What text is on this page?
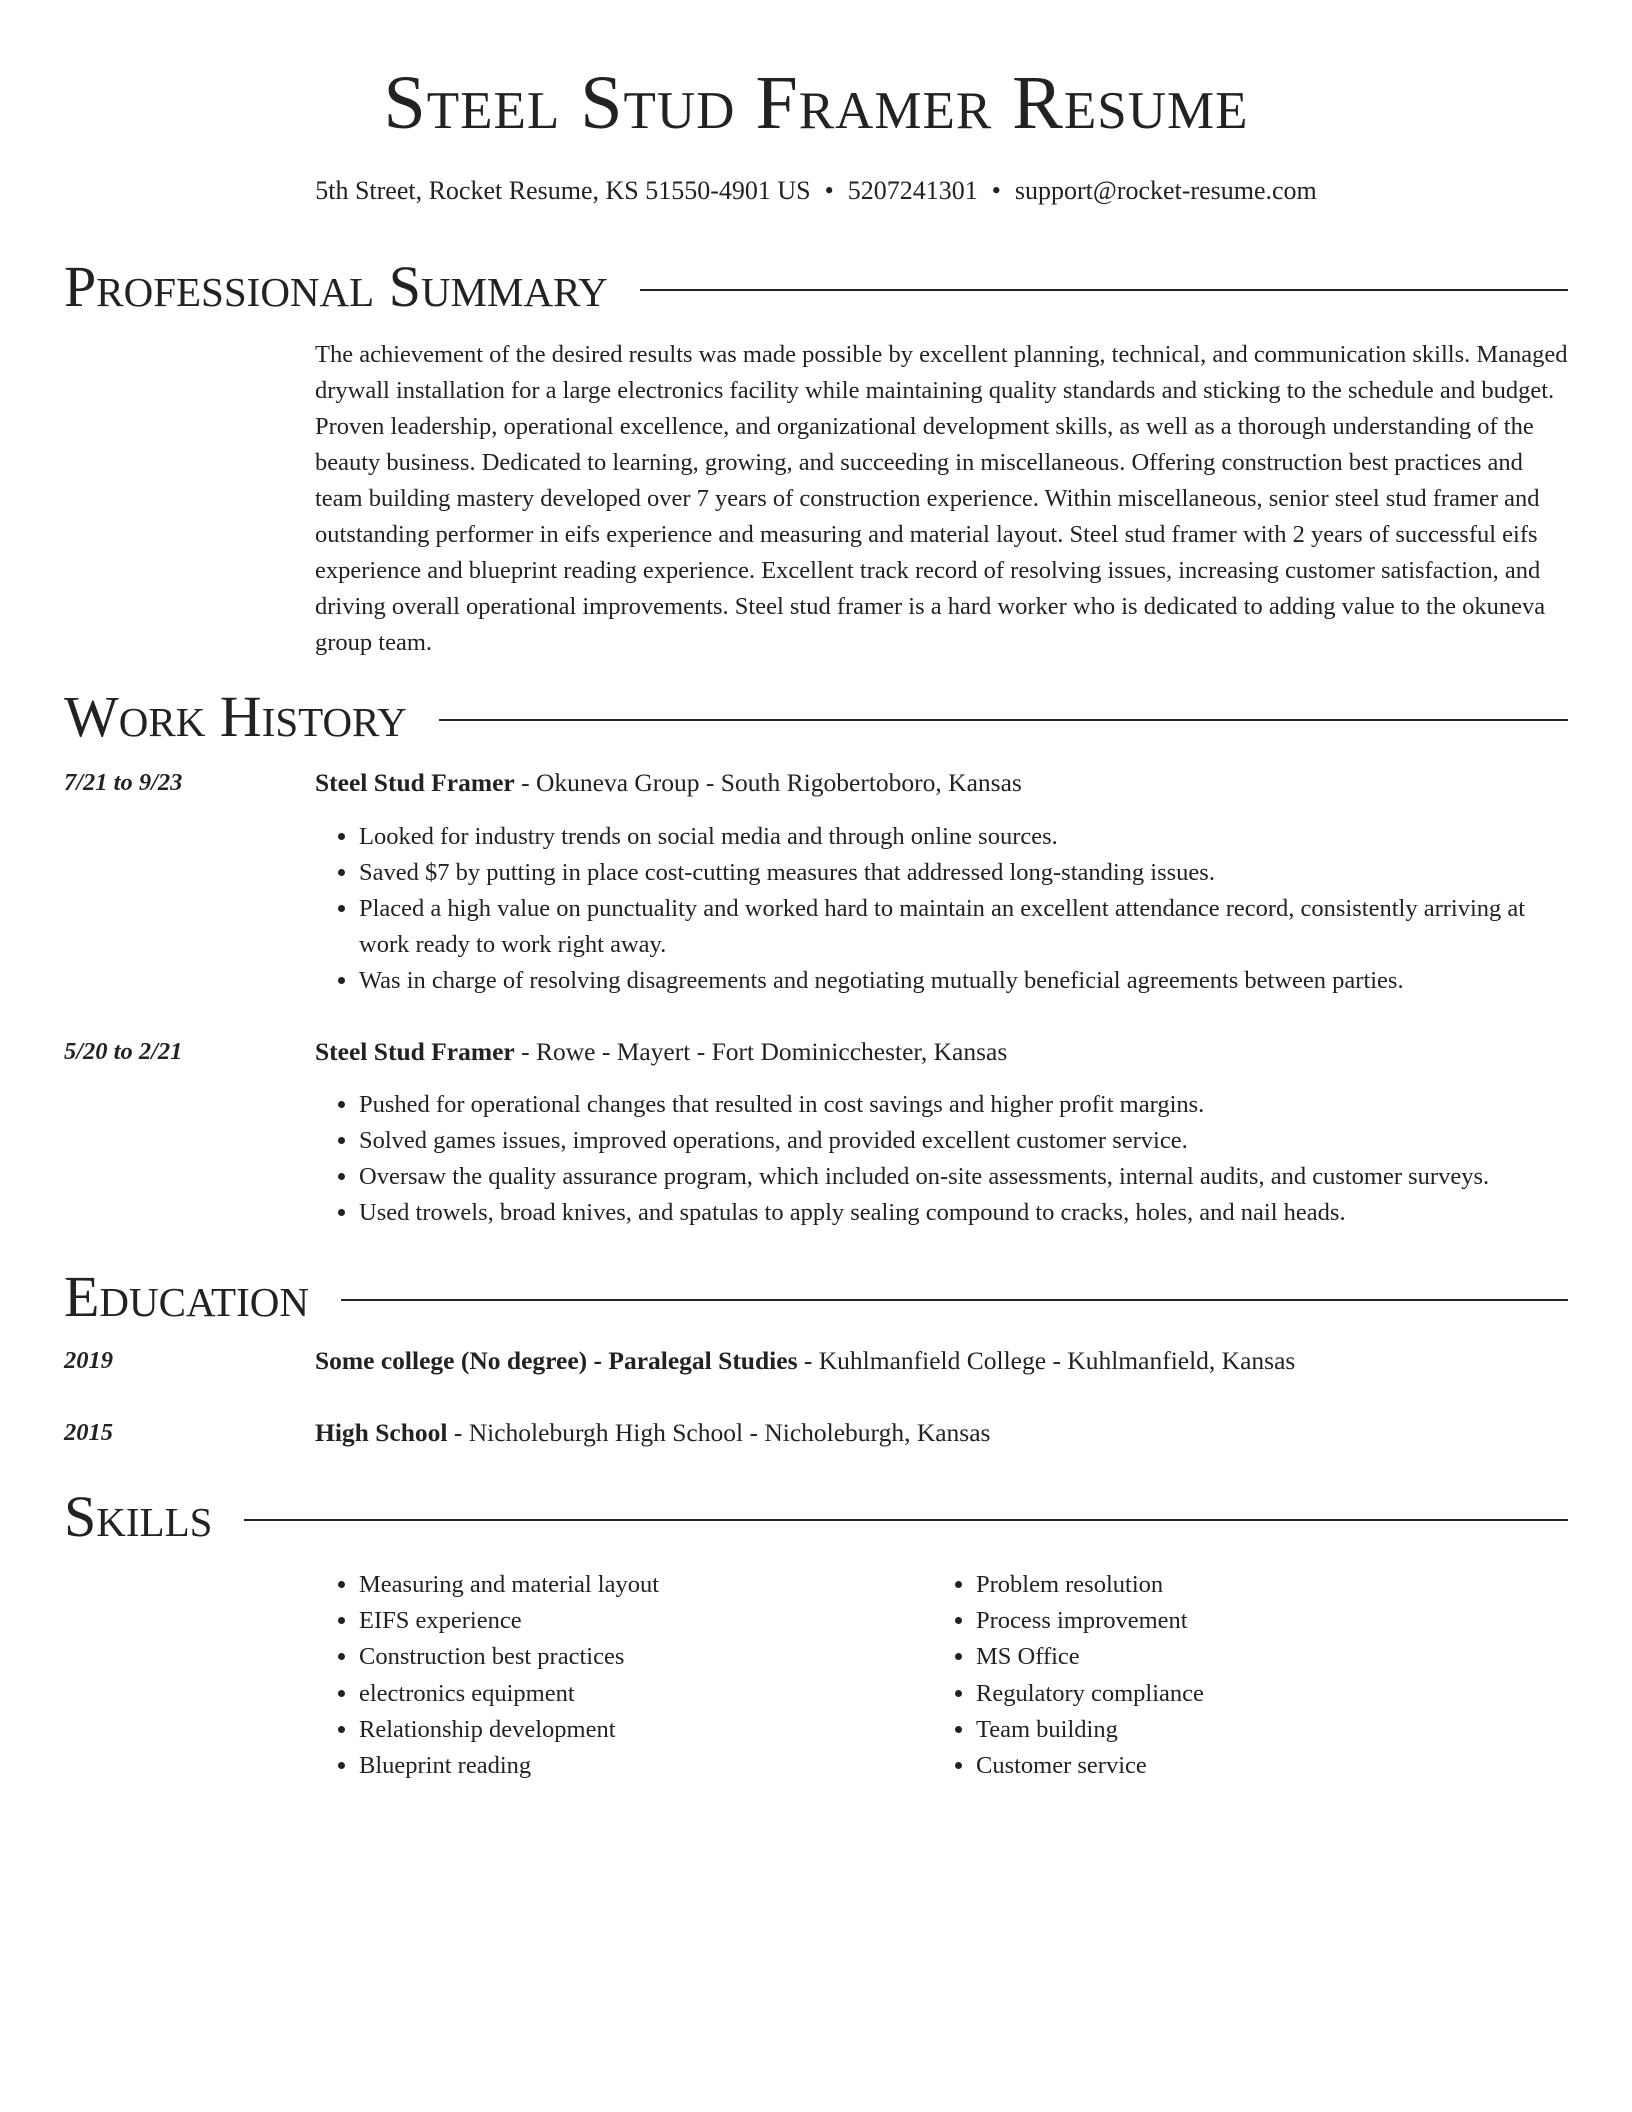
Steel Stud Framer Resume
5th Street, Rocket Resume, KS 51550-4901 US • 5207241301 • support@rocket-resume.com
Professional Summary

The achievement of the desired results was made possible by excellent planning, technical, and communication skills. Managed drywall installation for a large electronics facility while maintaining quality standards and sticking to the schedule and budget. Proven leadership, operational excellence, and organizational development skills, as well as a thorough understanding of the beauty business. Dedicated to learning, growing, and succeeding in miscellaneous. Offering construction best practices and team building mastery developed over 7 years of construction experience. Within miscellaneous, senior steel stud framer and outstanding performer in eifs experience and measuring and material layout. Steel stud framer with 2 years of successful eifs experience and blueprint reading experience. Excellent track record of resolving issues, increasing customer satisfaction, and driving overall operational improvements. Steel stud framer is a hard worker who is dedicated to adding value to the okuneva group team.

Work History
7/21 to 9/23	Steel Stud Framer - Okuneva Group - South Rigobertoboro, Kansas
• Looked for industry trends on social media and through online sources.
• Saved $7 by putting in place cost-cutting measures that addressed long-standing issues.
• Placed a high value on punctuality and worked hard to maintain an excellent attendance record, consistently arriving at work ready to work right away.
• Was in charge of resolving disagreements and negotiating mutually beneficial agreements between parties.
5/20 to 2/21	Steel Stud Framer - Rowe - Mayert - Fort Dominicchester, Kansas
• Pushed for operational changes that resulted in cost savings and higher profit margins.
• Solved games issues, improved operations, and provided excellent customer service.
• Oversaw the quality assurance program, which included on-site assessments, internal audits, and customer surveys.
• Used trowels, broad knives, and spatulas to apply sealing compound to cracks, holes, and nail heads.
Education
2019	Some college (No degree) - Paralegal Studies - Kuhlmanfield College - Kuhlmanfield, Kansas
2015	High School - Nicholeburgh High School - Nicholeburgh, Kansas
Skills
• Measuring and material layout
• EIFS experience
• Construction best practices
• electronics equipment
• Relationship development
• Blueprint reading
• Problem resolution
• Process improvement
• MS Office
• Regulatory compliance
• Team building
• Customer service
